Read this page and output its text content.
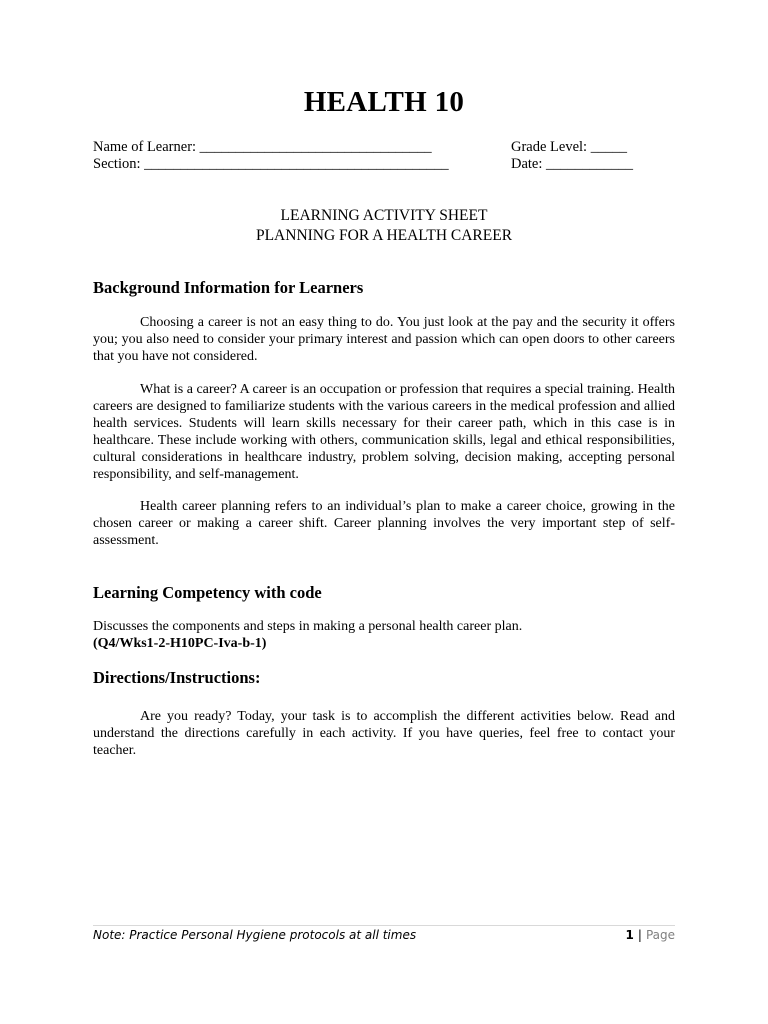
HEALTH 10
Name of Learner: ________________________________	Grade Level: _____
Section: __________________________________________	Date: ____________
LEARNING ACTIVITY SHEET
PLANNING FOR A HEALTH CAREER
Background Information for Learners

Choosing a career is not an easy thing to do. You just look at the pay and the security it offers you; you also need to consider your primary interest and passion which can open doors to other careers that you have not considered.

What is a career? A career is an occupation or profession that requires a special training. Health careers are designed to familiarize students with the various careers in the medical profession and allied health services. Students will learn skills necessary for their career path, which in this case is in healthcare. These include working with others, communication skills, legal and ethical responsibilities, cultural considerations in healthcare industry, problem solving, decision making, accepting personal responsibility, and self-management.

Health career planning refers to an individual’s plan to make a career choice, growing in the chosen career or making a career shift. Career planning involves the very important step of self-assessment.

Learning Competency with code

Discusses the components and steps in making a personal health career plan.

(Q4/Wks1-2-H10PC-Iva-b-1)

Directions/Instructions:

Are you ready? Today, your task is to accomplish the different activities below. Read and understand the directions carefully in each activity. If you have queries, feel free to contact your teacher.

Note: Practice Personal Hygiene protocols at all times	1 | Page
